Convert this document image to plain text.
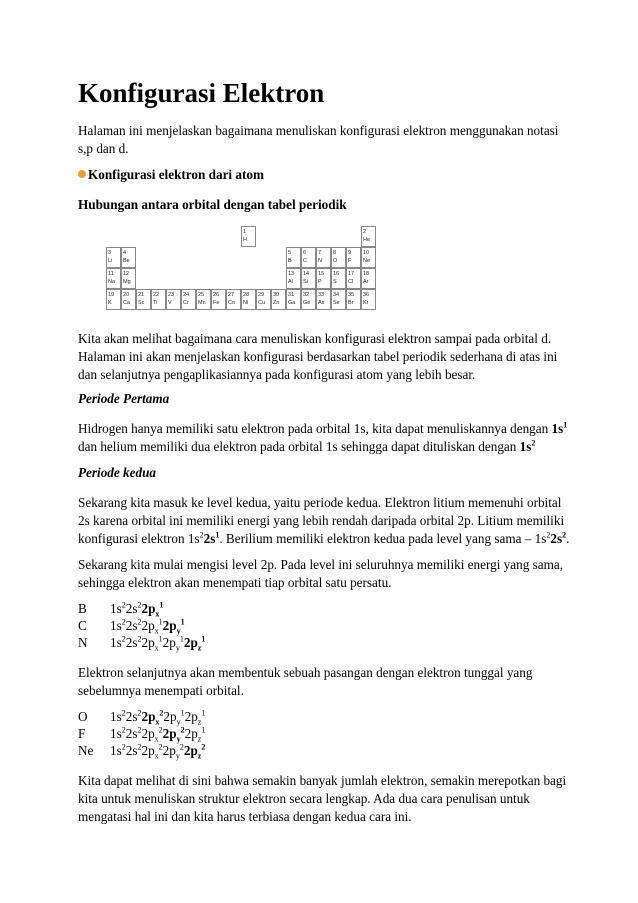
Konfigurasi Elektron
Halaman ini menjelaskan bagaimana menuliskan konfigurasi elektron menggunakan notasi s,p dan d.
Konfigurasi elektron dari atom
Hubungan antara orbital dengan tabel periodik
1
H
2
He
3
Li
4
Be
5
B
6
C
7
N
8
O
9
F
10
Ne
11
Na
12
Mg
13
Al
14
Si
15
P
16
S
17
Cl
18
Ar
19
K
20
Ca
21
Sc
22
Ti
23
V
24
Cr
25
Mn
26
Fe
27
Co
28
Ni
29
Cu
30
Zn
31
Ga
32
Ge
33
As
34
Se
35
Br
36
Kr
Kita akan melihat bagaimana cara menuliskan konfigurasi elektron sampai pada orbital d. Halaman ini akan menjelaskan konfigurasi berdasarkan tabel periodik sederhana di atas ini dan selanjutnya pengaplikasiannya pada konfigurasi atom yang lebih besar.
Periode Pertama
Hidrogen hanya memiliki satu elektron pada orbital 1s, kita dapat menuliskannya dengan $1s^1$ dan helium memiliki dua elektron pada orbital 1s sehingga dapat dituliskan dengan $1s^2$
Periode kedua
Sekarang kita masuk ke level kedua, yaitu periode kedua. Elektron litium memenuhi orbital 2s karena orbital ini memiliki energi yang lebih rendah daripada orbital 2p. Litium memiliki konfigurasi elektron $1s^22s^1$. Berilium memiliki elektron kedua pada level yang sama – $1s^22s^2$.
Sekarang kita mulai mengisi level 2p. Pada level ini seluruhnya memiliki energi yang sama, sehingga elektron akan menempati tiap orbital satu persatu.
B $1s^22s^22p_x^1$
C $1s^22s^22p_x^12p_y^1$
N $1s^22s^22p_x^12p_y^12p_z^1$
Elektron selanjutnya akan membentuk sebuah pasangan dengan elektron tunggal yang sebelumnya menempati orbital.
O $1s^22s^22p_x^22p_y^12p_z^1$
F $1s^22s^22p_x^22p_y^22p_z^1$
Ne $1s^22s^22p_x^22p_y^22p_z^2$
Kita dapat melihat di sini bahwa semakin banyak jumlah elektron, semakin merepotkan bagi kita untuk menuliskan struktur elektron secara lengkap. Ada dua cara penulisan untuk mengatasi hal ini dan kita harus terbiasa dengan kedua cara ini.
